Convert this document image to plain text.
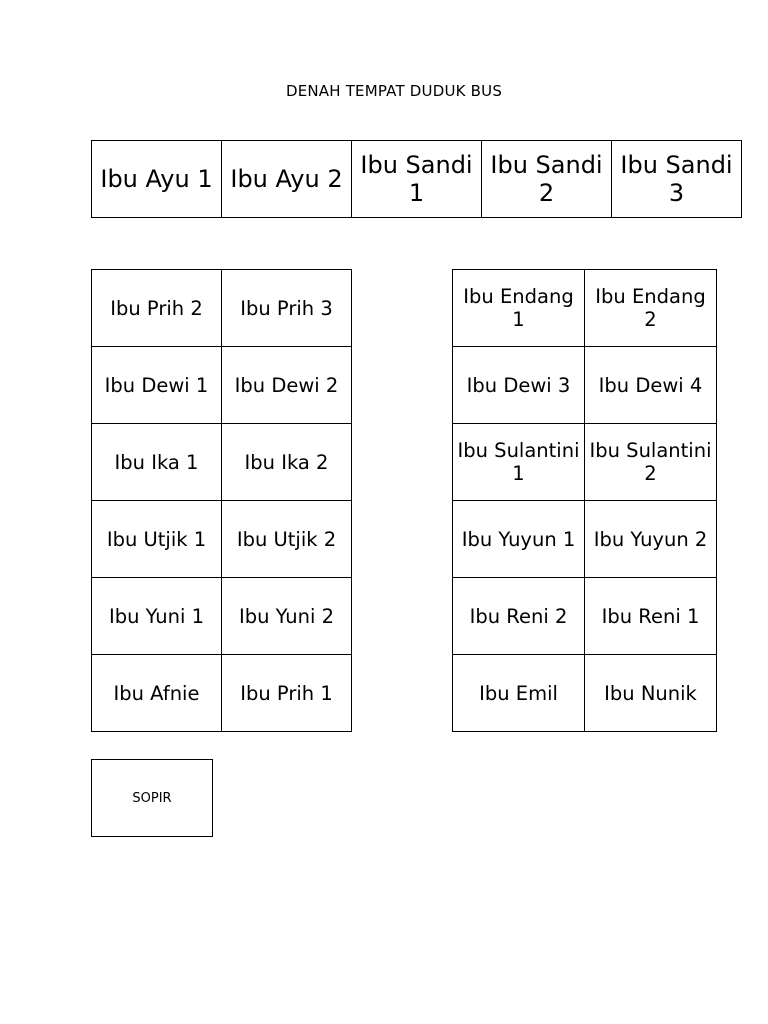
DENAH TEMPAT DUDUK BUS
Ibu Ayu 1	Ibu Ayu 2	Ibu Sandi 1	Ibu Sandi 2	Ibu Sandi 3
Ibu Prih 2	Ibu Prih 3
Ibu Dewi 1	Ibu Dewi 2
Ibu Ika 1	Ibu Ika 2
Ibu Utjik 1	Ibu Utjik 2
Ibu Yuni 1	Ibu Yuni 2
Ibu Afnie	Ibu Prih 1
Ibu Endang 1	Ibu Endang 2
Ibu Dewi 3	Ibu Dewi 4
Ibu Sulantini 1	Ibu Sulantini 2
Ibu Yuyun 1	Ibu Yuyun 2
Ibu Reni 2	Ibu Reni 1
Ibu Emil	Ibu Nunik
SOPIR
